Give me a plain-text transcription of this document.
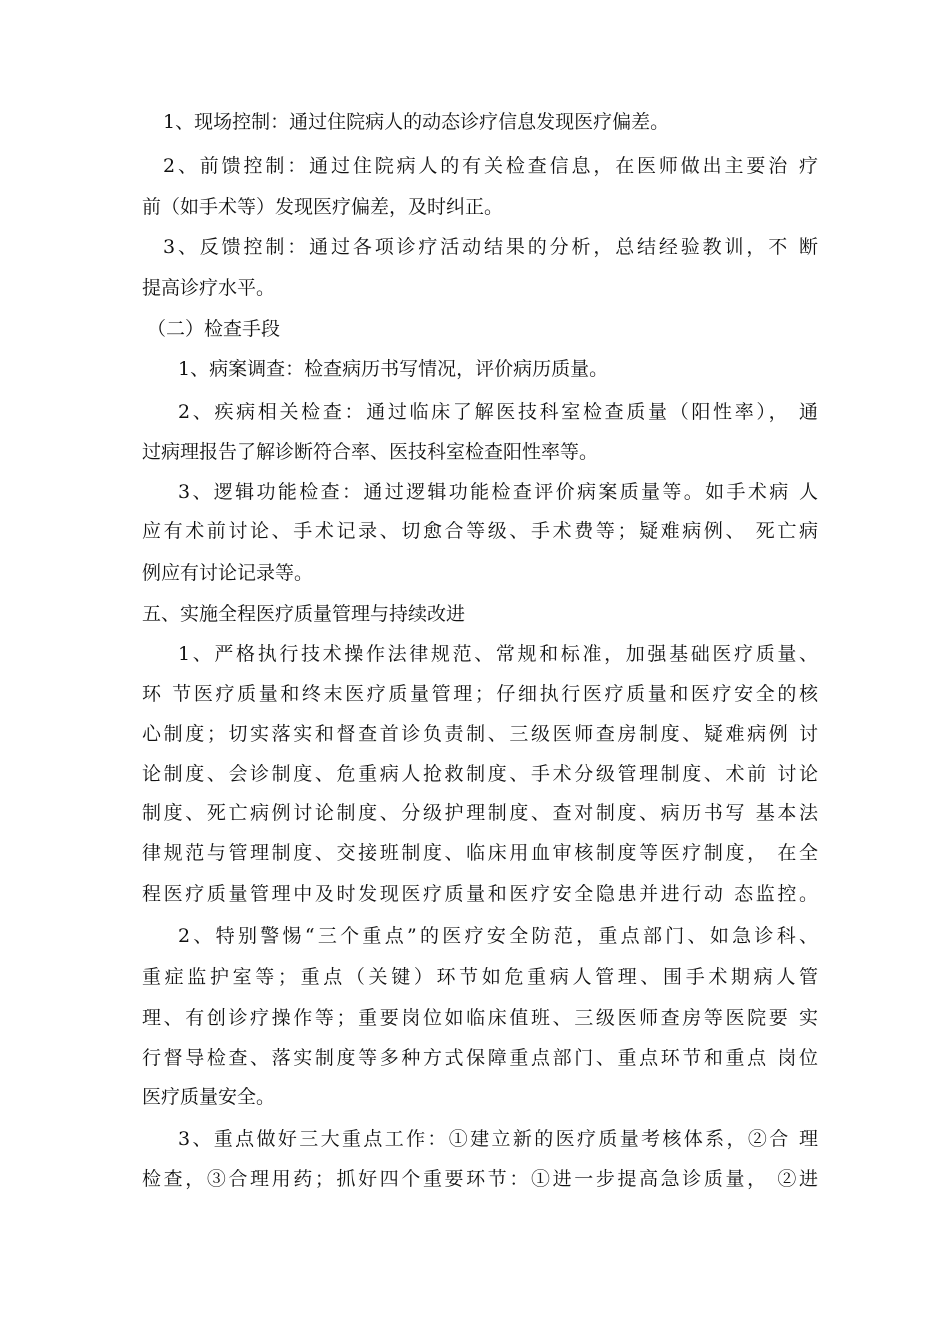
1、现场控制：通过住院病人的动态诊疗信息发现医疗偏差。
2、前馈控制：通过住院病人的有关检查信息，在医师做出主要治 疗
前（如手术等）发现医疗偏差，及时纠正。
3、反馈控制：通过各项诊疗活动结果的分析，总结经验教训，不 断
提高诊疗水平。
（二）检查手段
1、病案调查：检查病历书写情况，评价病历质量。
2、疾病相关检查：通过临床了解医技科室检查质量（阳性率）， 通
过病理报告了解诊断符合率、医技科室检查阳性率等。
3、逻辑功能检查：通过逻辑功能检查评价病案质量等。如手术病 人
应有术前讨论、手术记录、切愈合等级、手术费等；疑难病例、 死亡病
例应有讨论记录等。
五、实施全程医疗质量管理与持续改进
1、严格执行技术操作法律规范、常规和标准，加强基础医疗质量、
环 节医疗质量和终末医疗质量管理；仔细执行医疗质量和医疗安全的核
心制度；切实落实和督查首诊负责制、三级医师查房制度、疑难病例 讨
论制度、会诊制度、危重病人抢救制度、手术分级管理制度、术前 讨论
制度、死亡病例讨论制度、分级护理制度、查对制度、病历书写 基本法
律规范与管理制度、交接班制度、临床用血审核制度等医疗制度， 在全
程医疗质量管理中及时发现医疗质量和医疗安全隐患并进行动 态监控。
2、特别警惕“三个重点”的医疗安全防范，重点部门、如急诊科、
重症监护室等；重点（关键）环节如危重病人管理、围手术期病人管
理、有创诊疗操作等；重要岗位如临床值班、三级医师查房等医院要 实
行督导检查、落实制度等多种方式保障重点部门、重点环节和重点 岗位
医疗质量安全。
3、重点做好三大重点工作：①建立新的医疗质量考核体系，②合 理
检查，③合理用药；抓好四个重要环节：①进一步提高急诊质量， ②进
